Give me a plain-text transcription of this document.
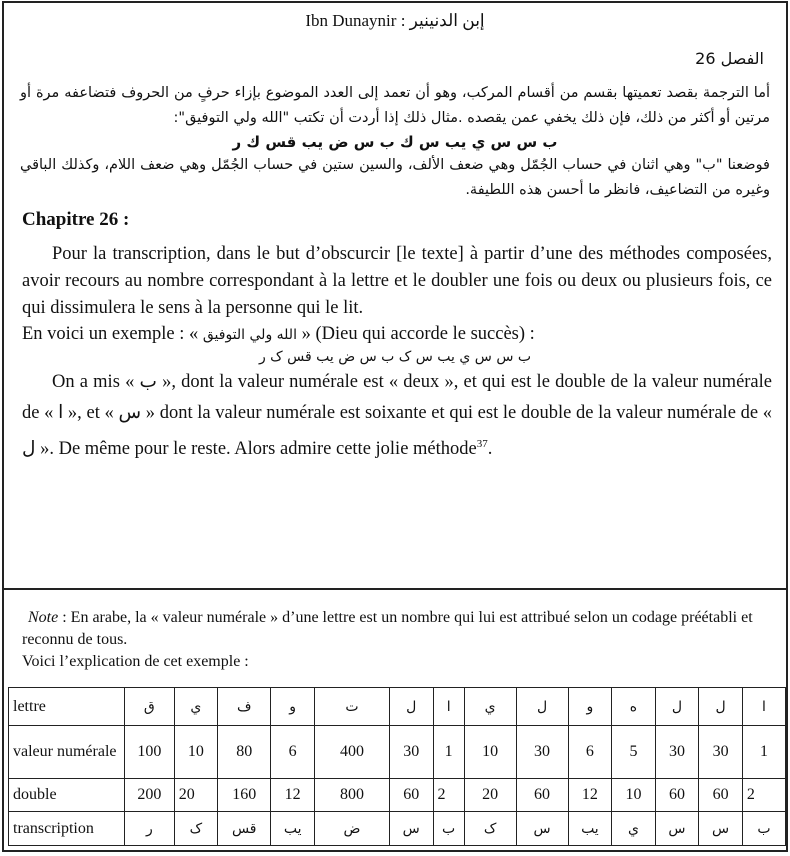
Ibn Dunaynir : إبن الدنينير
الفصل 26
أما الترجمة بقصد تعميتها بقسم من أقسام المركب، وهو أن تعمد إلى العدد الموضوع بإزاء حرفٍ من الحروف فتضاعفه مرة أو مرتين أو أكثر من ذلك، فإن ذلك يخفي عمن يقصده .مثال ذلك إذا أردت أن تكتب "الله ولي التوفيق":
ب س س ي يب س ك ب س ض يب قس ك ر
فوضعنا "ب" وهي اثنان في حساب الجُمّل وهي ضعف الألف، والسين ستين في حساب الجُمّل وهي ضعف اللام، وكذلك الباقي وغيره من التضاعيف، فانظر ما أحسن هذه اللطيفة.
Chapitre 26 :
Pour la transcription, dans le but d’obscurcir [le texte] à partir d’une des méthodes composées, avoir recours au nombre correspondant à la lettre et le doubler une fois ou deux ou plusieurs fois, ce qui dissimulera le sens à la personne qui le lit.
En voici un exemple : « الله ولي التوفيق » (Dieu qui accorde le succès) :
ب س س ي يب س ک ب س ض يب قس ک ر
On a mis « ب », dont la valeur numérale est « deux », et qui est le double de la valeur numérale de « ا », et « س » dont la valeur numérale est soixante et qui est le double de la valeur numérale de « ل ». De même pour le reste. Alors admire cette jolie méthode$^{37}$.
Note : En arabe, la « valeur numérale » d’une lettre est un nombre qui lui est attribué selon un codage préétabli et reconnu de tous.
Voici l’explication de cet exemple :
lettre	ق	ي	ف	و	ت	ل	ا	ي	ل	و	ه	ل	ل	ا
valeur numérale	100	10	80	6	400	30	1	10	30	6	5	30	30	1
double	200	20	160	12	800	60	2	20	60	12	10	60	60	2
transcription	ر	ک	قس	يب	ض	س	ب	ک	س	يب	ي	س	س	ب
